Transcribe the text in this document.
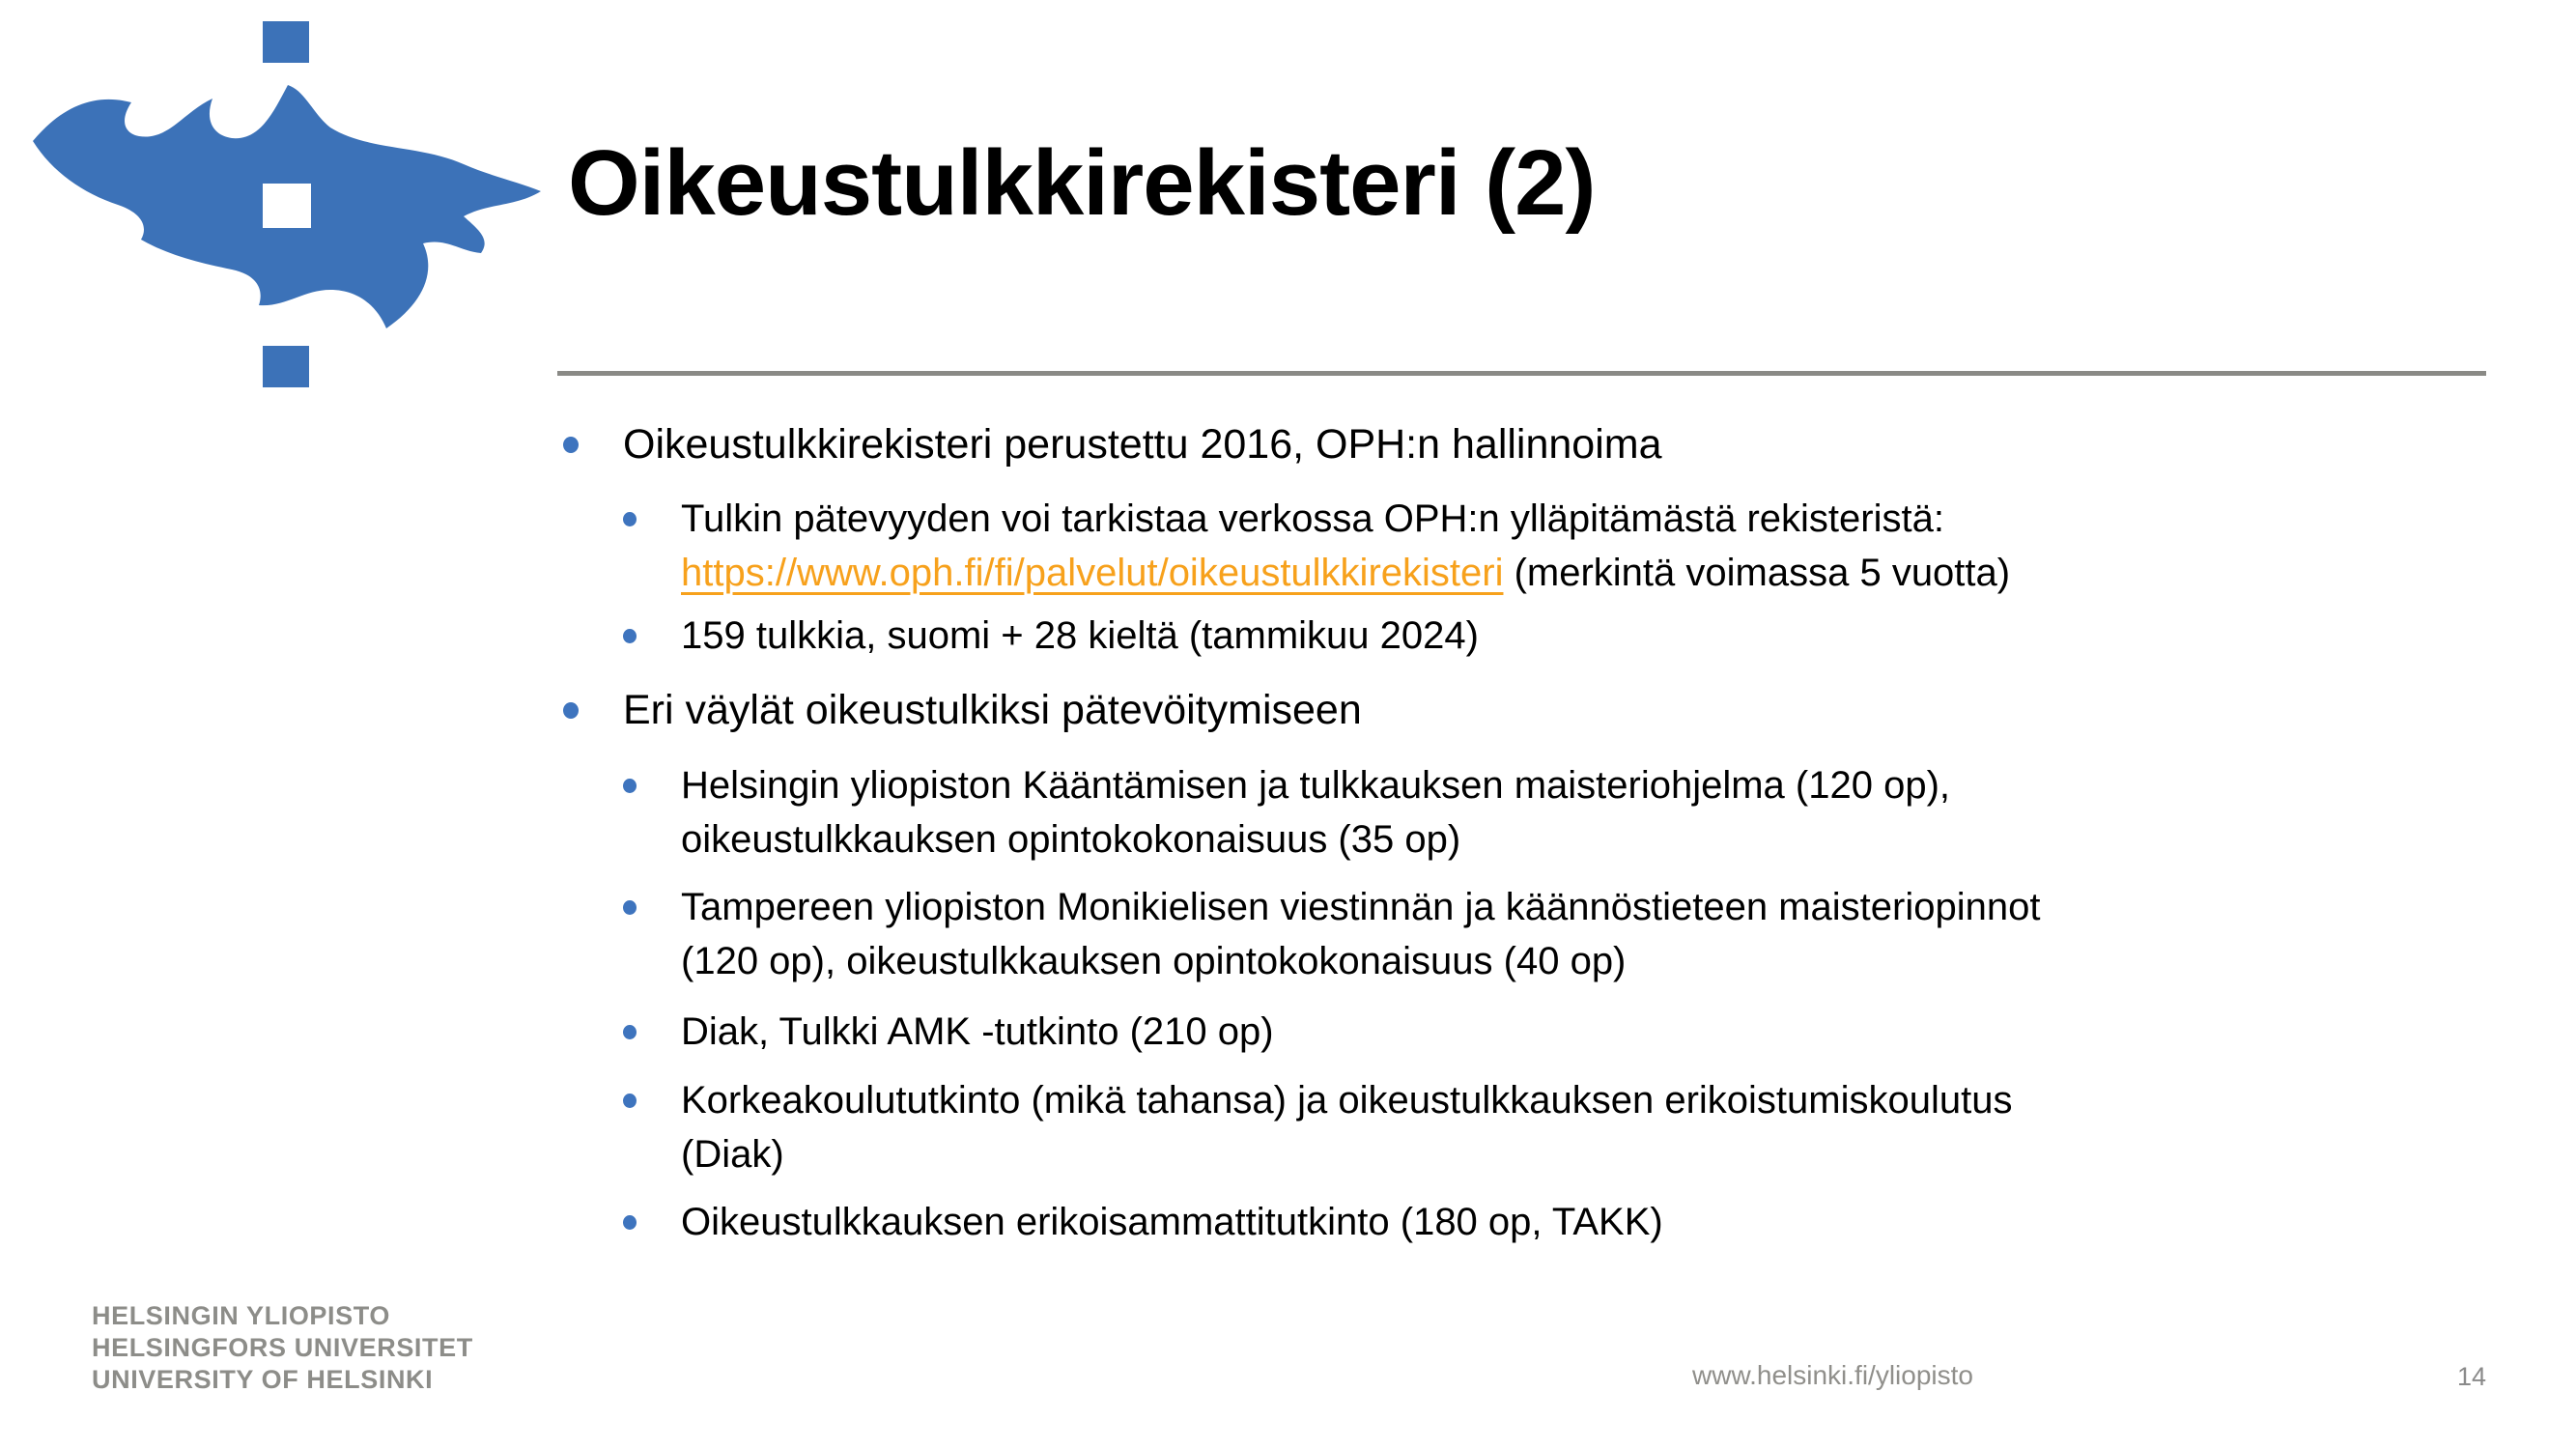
Oikeustulkkirekisteri (2)
Oikeustulkkirekisteri perustettu 2016, OPH:n hallinnoima
Tulkin pätevyyden voi tarkistaa verkossa OPH:n ylläpitämästä rekisteristä:
https://www.oph.fi/fi/palvelut/oikeustulkkirekisteri (merkintä voimassa 5 vuotta)
159 tulkkia, suomi + 28 kieltä (tammikuu 2024)
Eri väylät oikeustulkiksi pätevöitymiseen
Helsingin yliopiston Kääntämisen ja tulkkauksen maisteriohjelma (120 op),
oikeustulkkauksen opintokokonaisuus (35 op)
Tampereen yliopiston Monikielisen viestinnän ja käännöstieteen maisteriopinnot
(120 op), oikeustulkkauksen opintokokonaisuus (40 op)
Diak, Tulkki AMK -tutkinto (210 op)
Korkeakoulututkinto (mikä tahansa) ja oikeustulkkauksen erikoistumiskoulutus
(Diak)
Oikeustulkkauksen erikoisammattitutkinto (180 op, TAKK)
HELSINGIN YLIOPISTO
HELSINGFORS UNIVERSITET
UNIVERSITY OF HELSINKI	www.helsinki.fi/yliopisto	14
